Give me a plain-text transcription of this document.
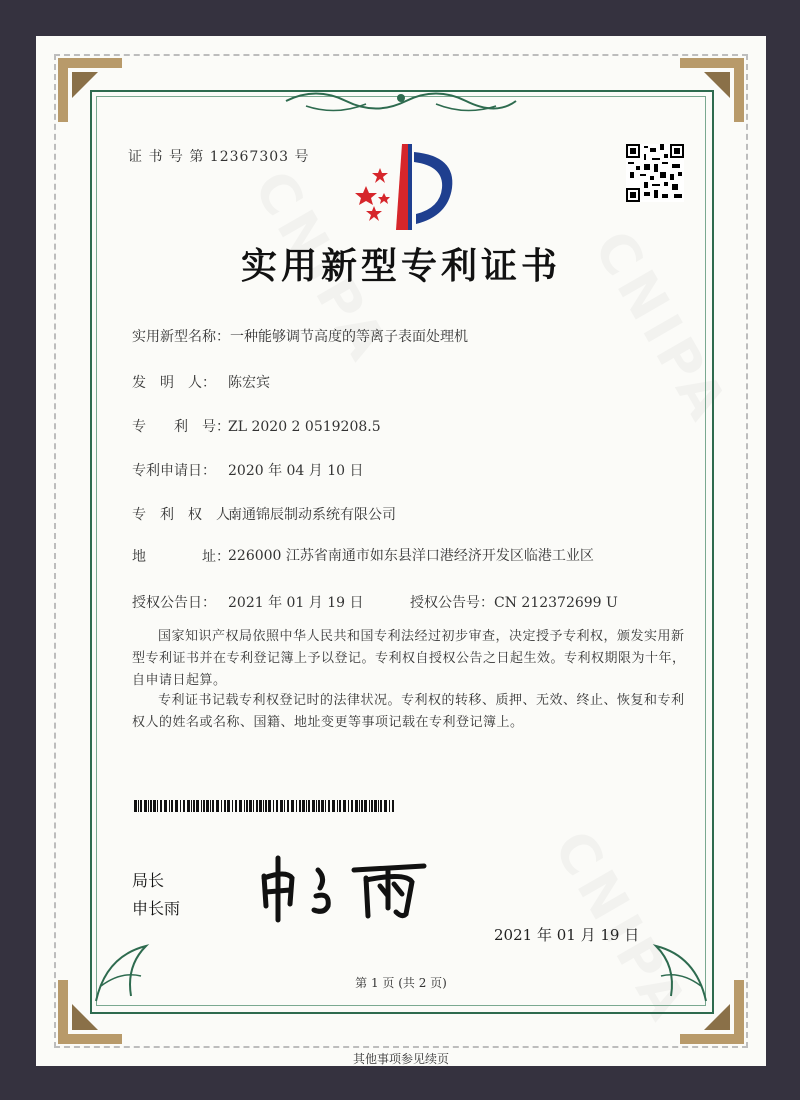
证 书 号 第 12367303 号
实用新型专利证书
实用新型名称：一种能够调节高度的等离子表面处理机
发　明　人： 陈宏宾
专　　利　号：ZL 2020 2 0519208.5
专利申请日： 2020 年 04 月 10 日
专　利　权　人：南通锦辰制动系统有限公司
地　　　　址：
226000 江苏省南通市如东县洋口港经济开发区临港工业区
授权公告日： 2021 年 01 月 19 日	授权公告号：CN 212372699 U
国家知识产权局依照中华人民共和国专利法经过初步审查，决定授予专利权，颁发实用新型专利证书并在专利登记簿上予以登记。专利权自授权公告之日起生效。专利权期限为十年，自申请日起算。
专利证书记载专利权登记时的法律状况。专利权的转移、质押、无效、终止、恢复和专利权人的姓名或名称、国籍、地址变更等事项记载在专利登记簿上。
局长
申长雨
2021 年 01 月 19 日
第 1 页 (共 2 页)
其他事项参见续页
